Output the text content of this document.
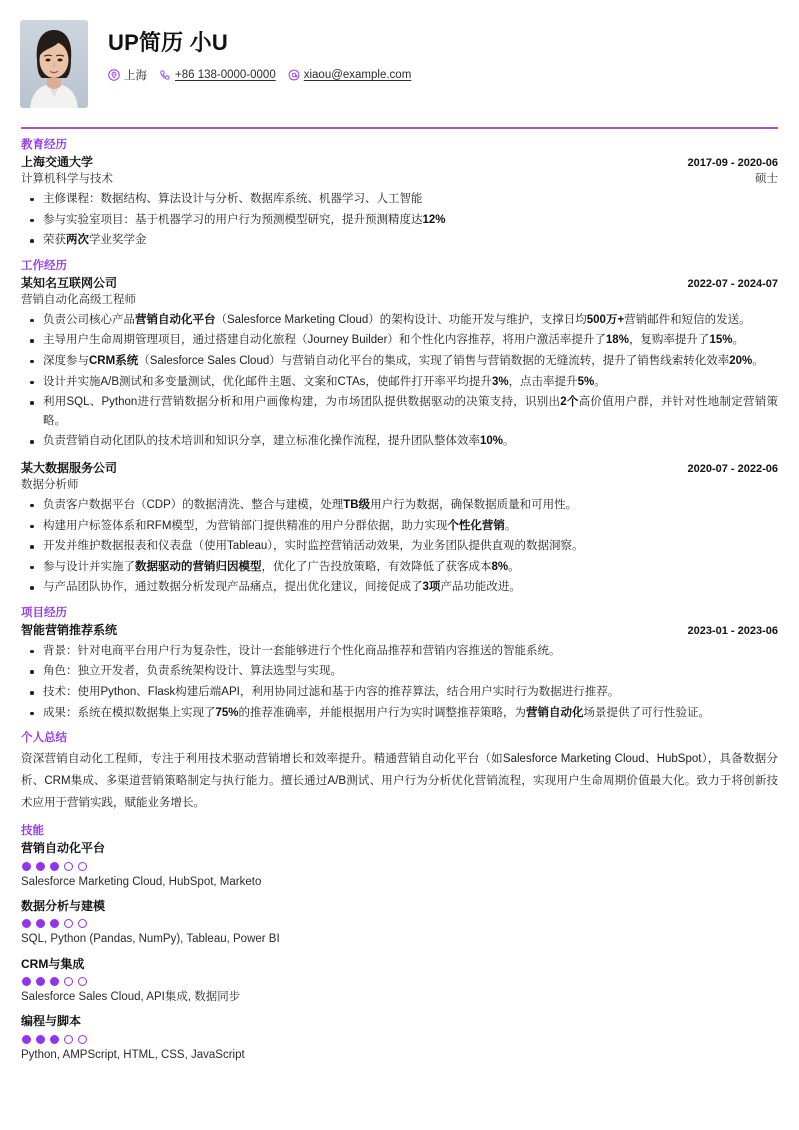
UP简历 小U
上海 +86 138-0000-0000 xiaou@example.com
教育经历
上海交通大学	2017-09 - 2020-06
计算机科学与技术	硕士
主修课程：数据结构、算法设计与分析、数据库系统、机器学习、人工智能
参与实验室项目：基于机器学习的用户行为预测模型研究，提升预测精度达12%
荣获两次学业奖学金
工作经历
某知名互联网公司	2022-07 - 2024-07
营销自动化高级工程师
负责公司核心产品营销自动化平台（Salesforce Marketing Cloud）的架构设计、功能开发与维护，支撑日均500万+营销邮件和短信的发送。
主导用户生命周期管理项目，通过搭建自动化旅程（Journey Builder）和个性化内容推荐，将用户激活率提升了18%，复购率提升了15%。
深度参与CRM系统（Salesforce Sales Cloud）与营销自动化平台的集成，实现了销售与营销数据的无缝流转，提升了销售线索转化效率20%。
设计并实施A/B测试和多变量测试，优化邮件主题、文案和CTAs，使邮件打开率平均提升3%，点击率提升5%。
利用SQL、Python进行营销数据分析和用户画像构建，为市场团队提供数据驱动的决策支持，识别出2个高价值用户群，并针对性地制定营销策略。
负责营销自动化团队的技术培训和知识分享，建立标准化操作流程，提升团队整体效率10%。
某大数据服务公司	2020-07 - 2022-06
数据分析师
负责客户数据平台（CDP）的数据清洗、整合与建模，处理TB级用户行为数据，确保数据质量和可用性。
构建用户标签体系和RFM模型，为营销部门提供精准的用户分群依据，助力实现个性化营销。
开发并维护数据报表和仪表盘（使用Tableau），实时监控营销活动效果，为业务团队提供直观的数据洞察。
参与设计并实施了数据驱动的营销归因模型，优化了广告投放策略，有效降低了获客成本8%。
与产品团队协作，通过数据分析发现产品痛点，提出优化建议，间接促成了3项产品功能改进。
项目经历
智能营销推荐系统	2023-01 - 2023-06
背景：针对电商平台用户行为复杂性，设计一套能够进行个性化商品推荐和营销内容推送的智能系统。
角色：独立开发者，负责系统架构设计、算法选型与实现。
技术：使用Python、Flask构建后端API，利用协同过滤和基于内容的推荐算法，结合用户实时行为数据进行推荐。
成果：系统在模拟数据集上实现了75%的推荐准确率，并能根据用户行为实时调整推荐策略，为营销自动化场景提供了可行性验证。
个人总结
资深营销自动化工程师，专注于利用技术驱动营销增长和效率提升。精通营销自动化平台（如Salesforce Marketing Cloud、HubSpot），具备数据分析、CRM集成、多渠道营销策略制定与执行能力。擅长通过A/B测试、用户行为分析优化营销流程，实现用户生命周期价值最大化。致力于将创新技术应用于营销实践，赋能业务增长。
技能
营销自动化平台
Salesforce Marketing Cloud, HubSpot, Marketo
数据分析与建模
SQL, Python (Pandas, NumPy), Tableau, Power BI
CRM与集成
Salesforce Sales Cloud, API集成, 数据同步
编程与脚本
Python, AMPScript, HTML, CSS, JavaScript
